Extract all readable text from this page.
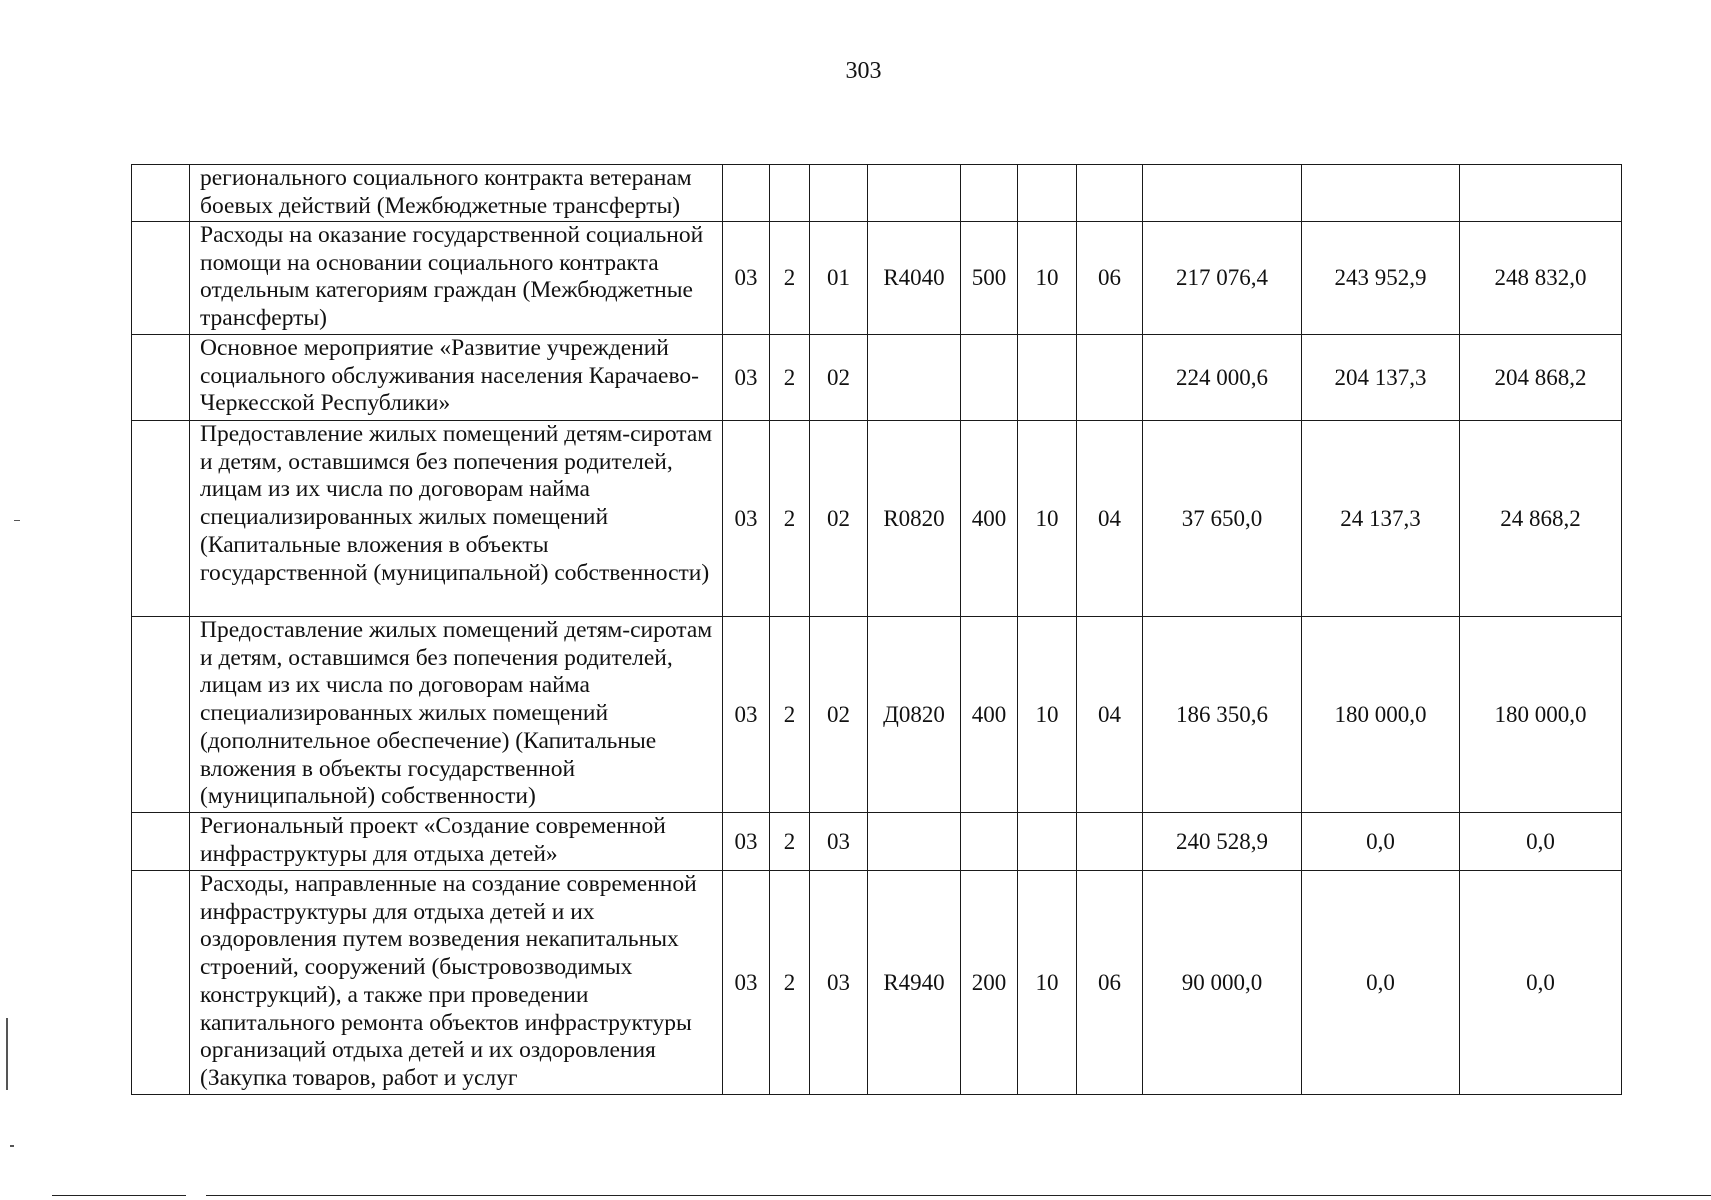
303
	регионального социального контракта ветеранам боевых действий (Межбюджетные трансферты)										
	Расходы на оказание государственной социальной помощи на основании социального контракта отдельным категориям граждан (Межбюджетные трансферты)	03	2	01	R4040	500	10	06	217 076,4	243 952,9	248 832,0
	Основное мероприятие «Развитие учреждений социального обслуживания населения Карачаево-Черкесской Республики»	03	2	02					224 000,6	204 137,3	204 868,2
	Предоставление жилых помещений детям-сиротам и детям, оставшимся без попечения родителей, лицам из их числа по договорам найма специализированных жилых помещений (Капитальные вложения в объекты государственной (муниципальной) собственности)	03	2	02	R0820	400	10	04	37 650,0	24 137,3	24 868,2
	Предоставление жилых помещений детям-сиротам и детям, оставшимся без попечения родителей, лицам из их числа по договорам найма специализированных жилых помещений (дополнительное обеспечение) (Капитальные вложения в объекты государственной (муниципальной) собственности)	03	2	02	Д0820	400	10	04	186 350,6	180 000,0	180 000,0
	Региональный проект «Создание современной инфраструктуры для отдыха детей»	03	2	03					240 528,9	0,0	0,0
	Расходы, направленные на создание современной инфраструктуры для отдыха детей и их оздоровления путем возведения некапитальных строений, сооружений (быстровозводимых конструкций), а также при проведении капитального ремонта объектов инфраструктуры организаций отдыха детей и их оздоровления (Закупка товаров, работ и услуг	03	2	03	R4940	200	10	06	90 000,0	0,0	0,0
